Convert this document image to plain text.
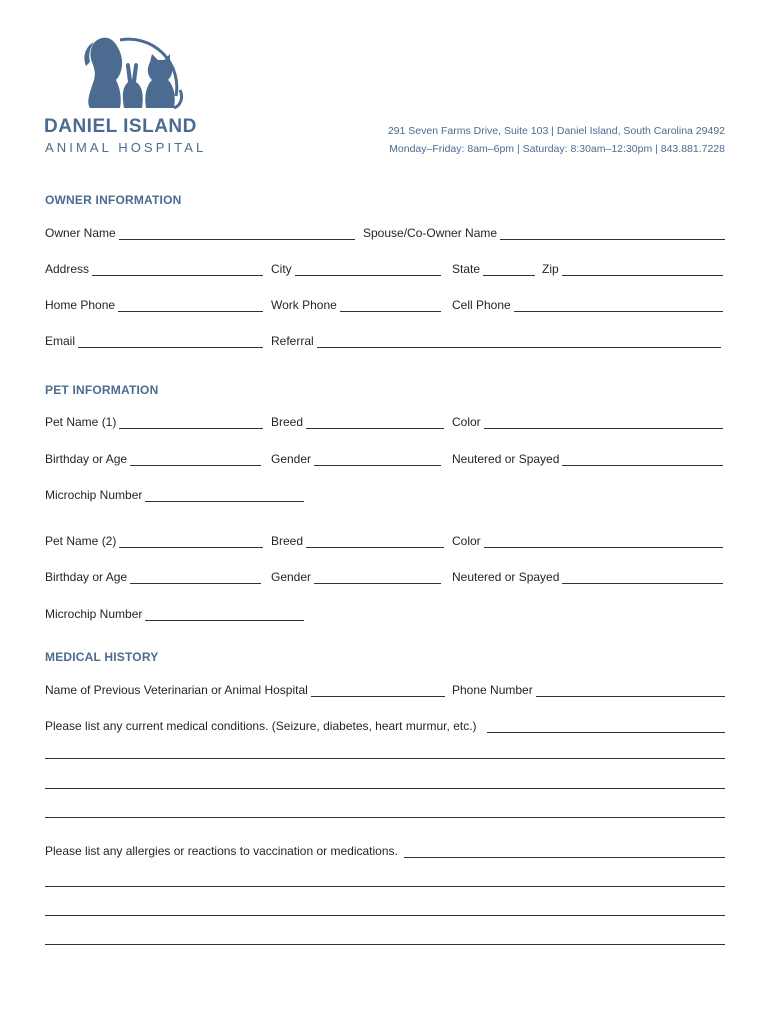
DANIEL ISLAND
ANIMAL HOSPITAL
291 Seven Farms Drive, Suite 103 | Daniel Island, South Carolina 29492
Monday–Friday: 8am–6pm | Saturday: 8:30am–12:30pm | 843.881.7228
OWNER INFORMATION
Owner Name	Spouse/Co-Owner Name
Address	City	State	Zip
Home Phone	Work Phone	Cell Phone
Email	Referral
PET INFORMATION
Pet Name (1)	Breed	Color
Birthday or Age	Gender	Neutered or Spayed
Microchip Number
Pet Name (2)	Breed	Color
Birthday or Age	Gender	Neutered or Spayed
Microchip Number
MEDICAL HISTORY
Name of Previous Veterinarian or Animal Hospital	Phone Number
Please list any current medical conditions. (Seizure, diabetes, heart murmur, etc.)
Please list any allergies or reactions to vaccination or medications.
